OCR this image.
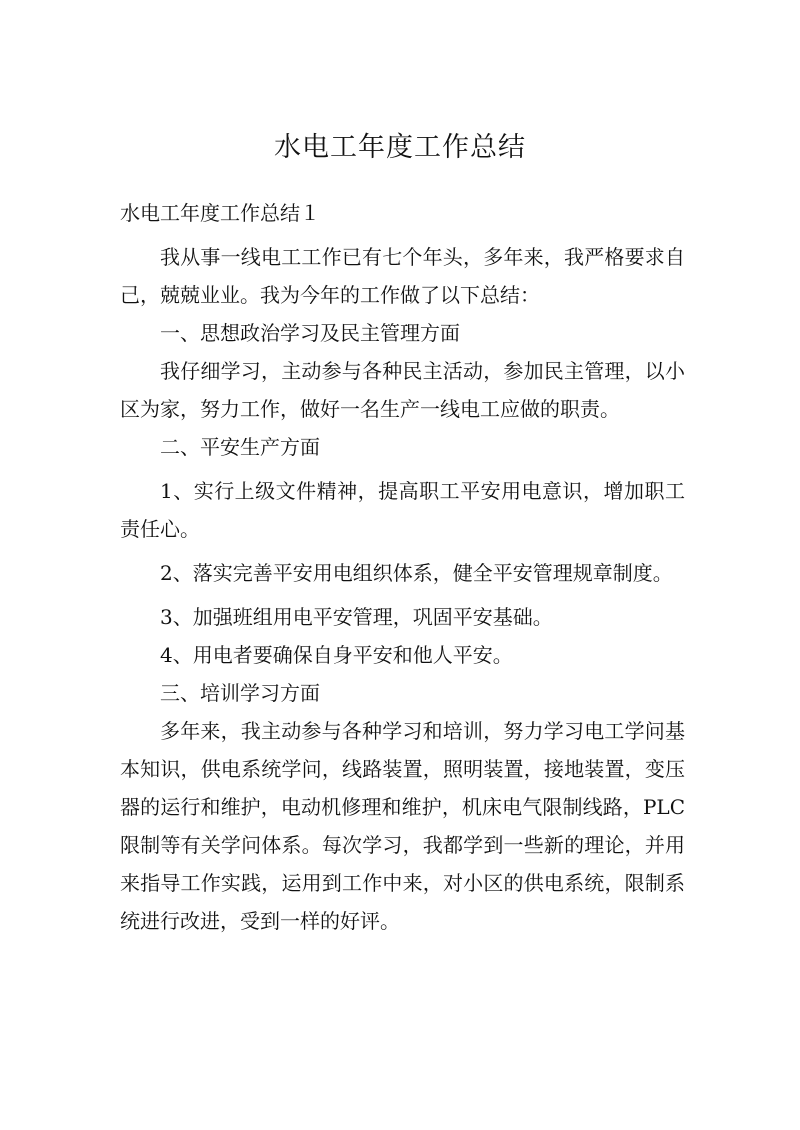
水电工年度工作总结
水电工年度工作总结１

我从事一线电工工作已有七个年头，多年来，我严格要求自己，兢兢业业。我为今年的工作做了以下总结：

一、思想政治学习及民主管理方面

我仔细学习，主动参与各种民主活动，参加民主管理，以小区为家，努力工作，做好一名生产一线电工应做的职责。

二、平安生产方面

1、实行上级文件精神，提高职工平安用电意识，增加职工责任心。

2、落实完善平安用电组织体系，健全平安管理规章制度。

3、加强班组用电平安管理，巩固平安基础。

4、用电者要确保自身平安和他人平安。

三、培训学习方面

多年来，我主动参与各种学习和培训，努力学习电工学问基本知识，供电系统学问，线路装置，照明装置，接地装置，变压器的运行和维护，电动机修理和维护，机床电气限制线路，PLC限制等有关学问体系。每次学习，我都学到一些新的理论，并用来指导工作实践，运用到工作中来，对小区的供电系统，限制系统进行改进，受到一样的好评。
